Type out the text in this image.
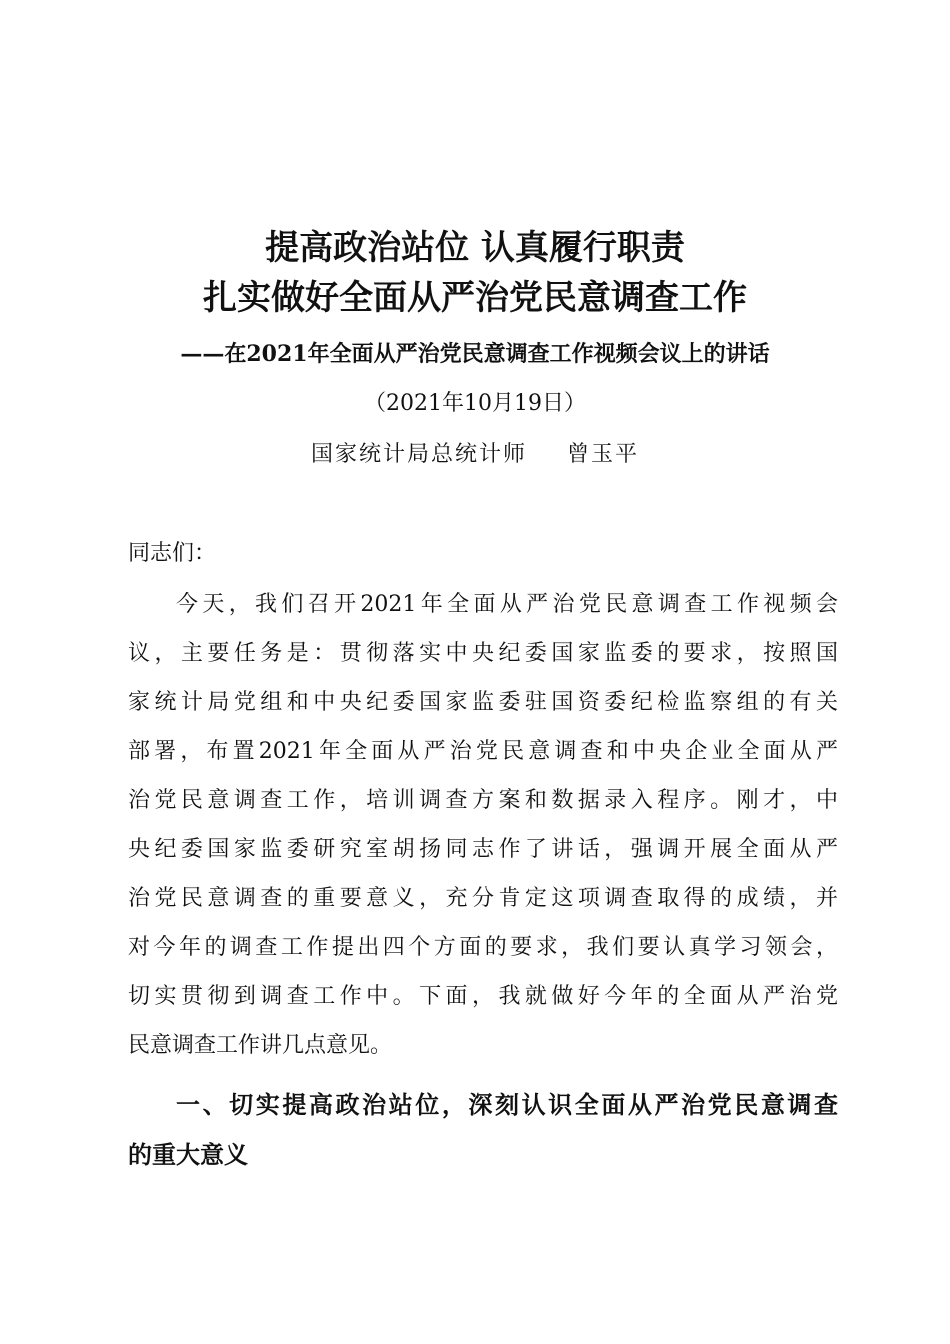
提高政治站位 认真履行职责
扎实做好全面从严治党民意调查工作
——在2021年全面从严治党民意调查工作视频会议上的讲话
（2021年10月19日）
国家统计局总统计师 曾玉平
同志们：
今天，我们召开2021年全面从严治党民意调查工作视频会
议，主要任务是：贯彻落实中央纪委国家监委的要求，按照国
家统计局党组和中央纪委国家监委驻国资委纪检监察组的有关
部署，布置2021年全面从严治党民意调查和中央企业全面从严
治党民意调查工作，培训调查方案和数据录入程序。刚才，中
央纪委国家监委研究室胡扬同志作了讲话，强调开展全面从严
治党民意调查的重要意义，充分肯定这项调查取得的成绩，并
对今年的调查工作提出四个方面的要求，我们要认真学习领会，
切实贯彻到调查工作中。下面，我就做好今年的全面从严治党
民意调查工作讲几点意见。
一、切实提高政治站位，深刻认识全面从严治党民意调查
的重大意义
